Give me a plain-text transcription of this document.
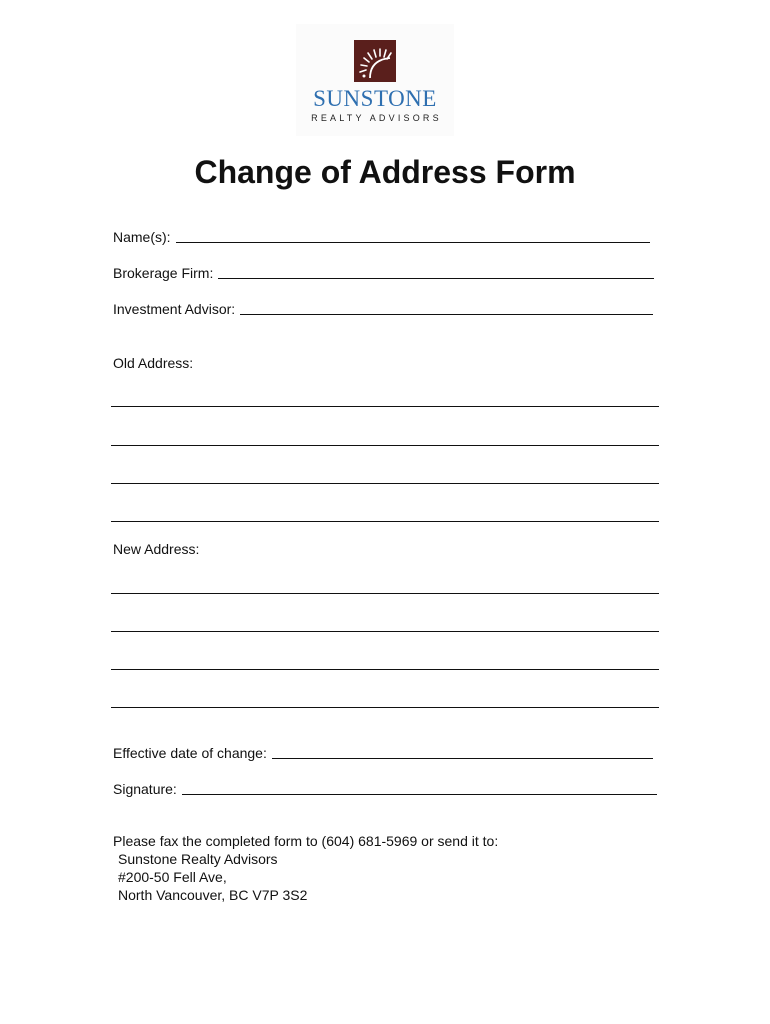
SUNSTONE
REALTY ADVISORS
Change of Address Form
Name(s):
Brokerage Firm:
Investment Advisor:
Old Address:
New Address:
Effective date of change:
Signature:
Please fax the completed form to (604) 681-5969 or send it to:
Sunstone Realty Advisors
#200-50 Fell Ave,
North Vancouver, BC V7P 3S2
